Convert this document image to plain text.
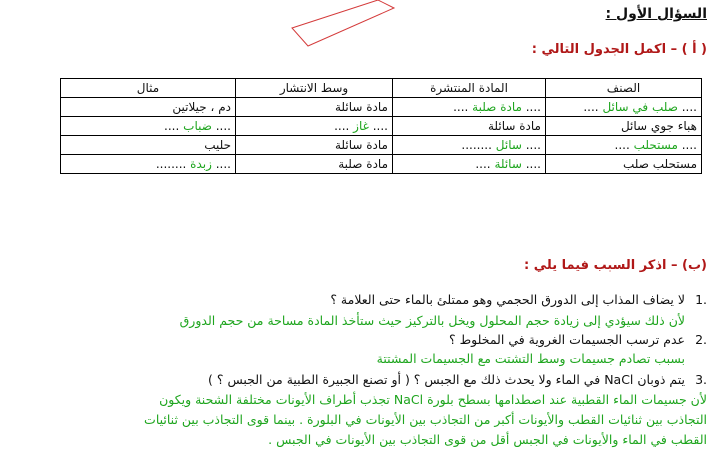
السؤال الأول :
( أ ) – اكمل الجدول التالي :
الصنف	المادة المنتشرة	وسط الانتشار	مثال
.... صلب في سائل ....	.... مادة صلبة ....	مادة سائلة	دم ، جيلاتين
هباء جوي سائل	مادة سائلة	.... غاز ....	.... ضباب ....
.... مستحلب ....	.... سائل ........	مادة سائلة	حليب
مستحلب صلب	.... سائلة ....	مادة صلبة	.... زبدة ........
(ب) – اذكر السبب فيما يلي :
.1لا يضاف المذاب إلى الدورق الحجمي وهو ممتلئ بالماء حتى العلامة ؟
لأن ذلك سيؤدي إلى زيادة حجم المحلول ويخل بالتركيز حيث ستأخذ المادة مساحة من حجم الدورق
.2عدم ترسب الجسيمات الغروية في المخلوط ؟
بسبب تصادم جسيمات وسط التشتت مع الجسيمات المشتتة
.3يتم ذوبان NaCl في الماء ولا يحدث ذلك مع الجبس ؟ ( أو تصنع الجبيرة الطبية من الجبس ؟ )
لأن جسيمات الماء القطبية عند اصطدامها بسطح بلورة NaCl تجذب أطراف الأيونات مختلفة الشحنة ويكون
التجاذب بين ثنائيات القطب والأيونات أكبر من التجاذب بين الأيونات في البلورة . بينما قوى التجاذب بين ثنائيات
القطب في الماء والأيونات في الجبس أقل من قوى التجاذب بين الأيونات في الجبس .
